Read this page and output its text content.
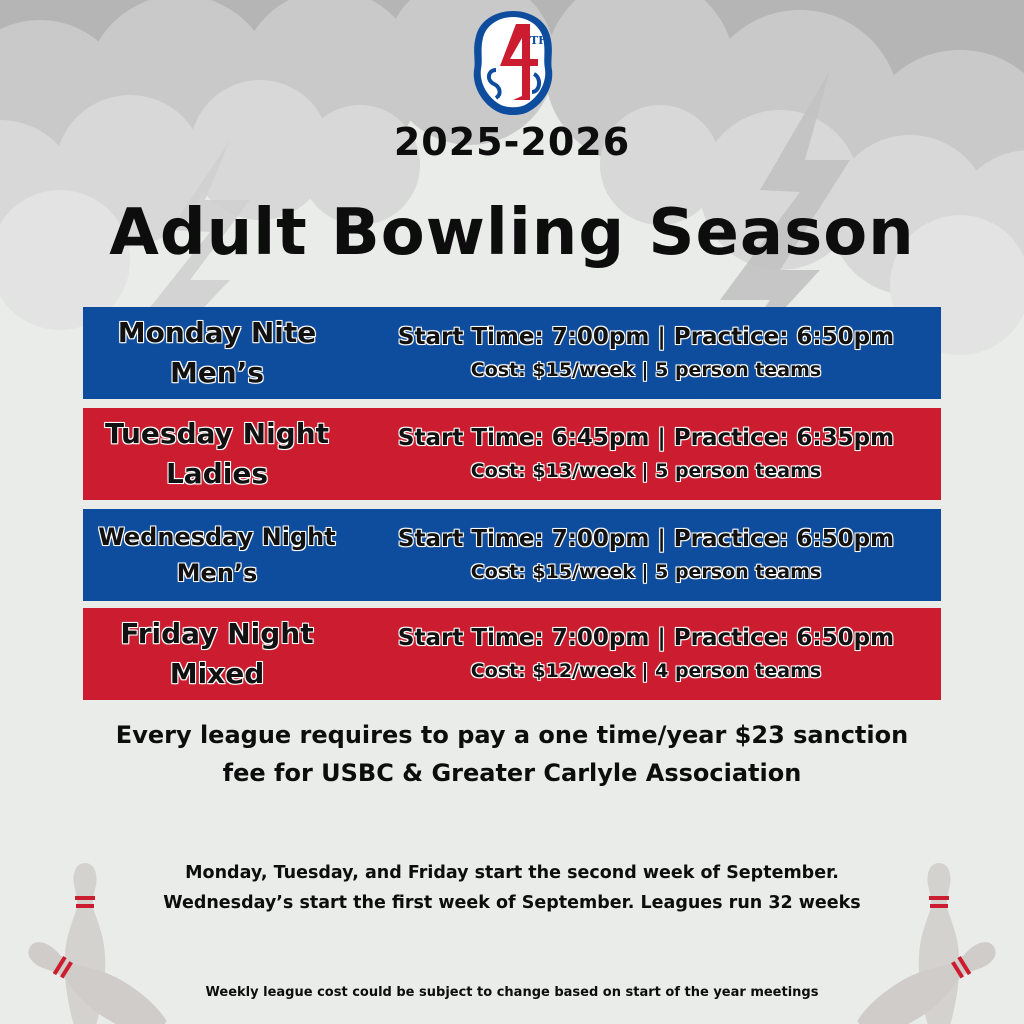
TH
2025-2026
Adult Bowling Season
Monday Nite
Men’s
Start Time: 7:00pm | Practice: 6:50pm
Cost: $15/week | 5 person teams
Tuesday Night
Ladies
Start Time: 6:45pm | Practice: 6:35pm
Cost: $13/week | 5 person teams
Wednesday Night
Men’s
Start Time: 7:00pm | Practice: 6:50pm
Cost: $15/week | 5 person teams
Friday Night
Mixed
Start Time: 7:00pm | Practice: 6:50pm
Cost: $12/week | 4 person teams

Every league requires to pay a one time/year $23 sanction
fee for USBC & Greater Carlyle Association

Monday, Tuesday, and Friday start the second week of September.
Wednesday’s start the first week of September. Leagues run 32 weeks

Weekly league cost could be subject to change based on start of the year meetings
